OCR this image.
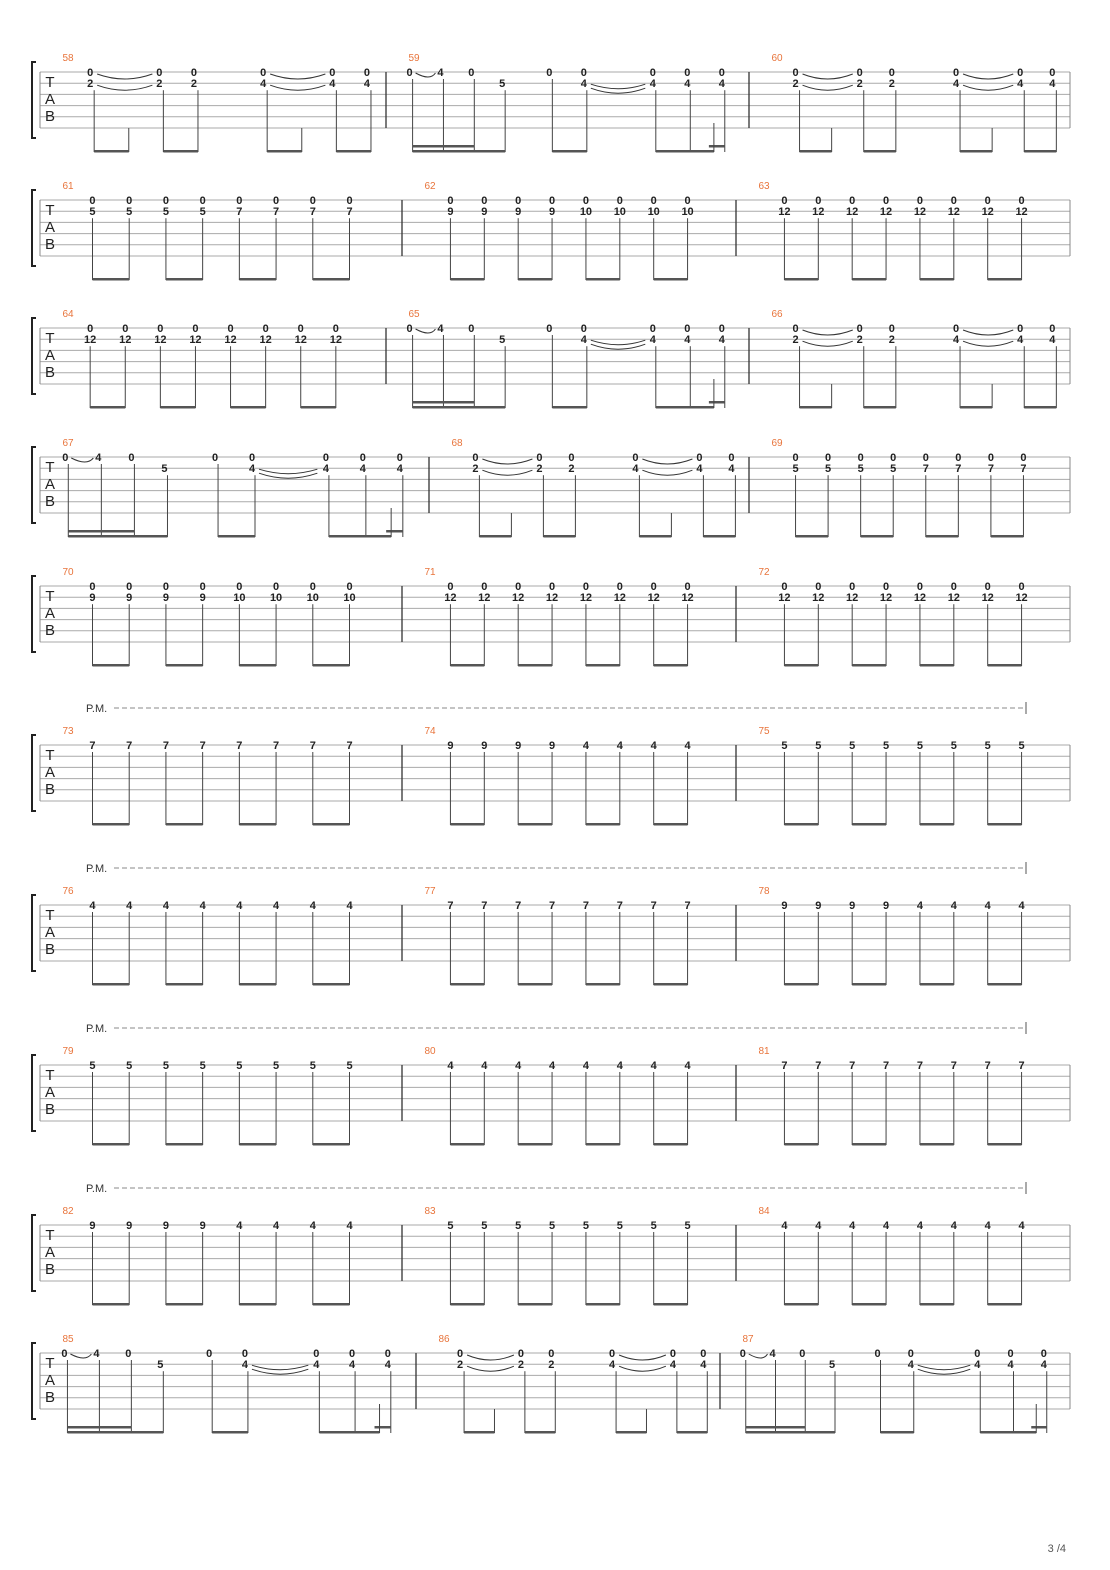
T
A
B
58
0
2
0
2
0
2
0
4
0
4
0
4
59
0 4 0
5
0	0
4
0
4
0
4
0
4
60
0
2
0
2
0
2
0
4
0
4
0
4
T
A
B
61
0
5
0
5
0
5
0
5
0
7
0
7
0
7
0
7
62
0
9
0
9
0
9
0
9
0
10
0
10
0
10
0
10
63
0
12
0
12
0
12
0
12
0
12
0
12
0
12
0
12
T
A
B
64
0
12
0
12
0
12
0
12
0
12
0
12
0
12
0
12
65
0 4 0
5
0	0
4
0
4
0
4
0
4
66
0
2
0
2
0
2
0
4
0
4
0
4
T
A
B
67
0 4 0
5
0	0
4
0
4
0
4
0
4
68
0
2
0
2
0
2
0
4
0
4
0
4
69
0
5
0
5
0
5
0
5
0
7
0
7
0
7
0
7
T
A
B
70
0
9
0
9
0
9
0
9
0
10
0
10
0
10
0
10
71
0
12
0
12
0
12
0
12
0
12
0
12
0
12
0
12
72
0
12
0
12
0
12
0
12
0
12
0
12
0
12
0
12
T
A
B
P.M.
73
7	7	7	7	7	7	7	7
74
9	9	9	9	4	4	4	4
75
5	5	5	5	5	5	5	5
T
A
B
P.M.
76
4	4	4	4	4	4	4	4
77
7	7	7	7	7	7	7	7
78
9	9	9	9	4	4	4	4
T
A
B
P.M.
79
5	5	5	5	5	5	5	5
80
4	4	4	4	4	4	4	4
81
7	7	7	7	7	7	7	7
T
A
B
P.M.
82
9	9	9	9	4	4	4	4
83
5	5	5	5	5	5	5	5
84
4	4	4	4	4	4	4	4
T
A
B
85
0 4 0
5
0	0
4
0
4
0
4
0
4
86
0
2
0
2
0
2
0
4
0
4
0
4
87
0 4 0
5
0 0
4
0
4
0
4
0
4
3 /4
